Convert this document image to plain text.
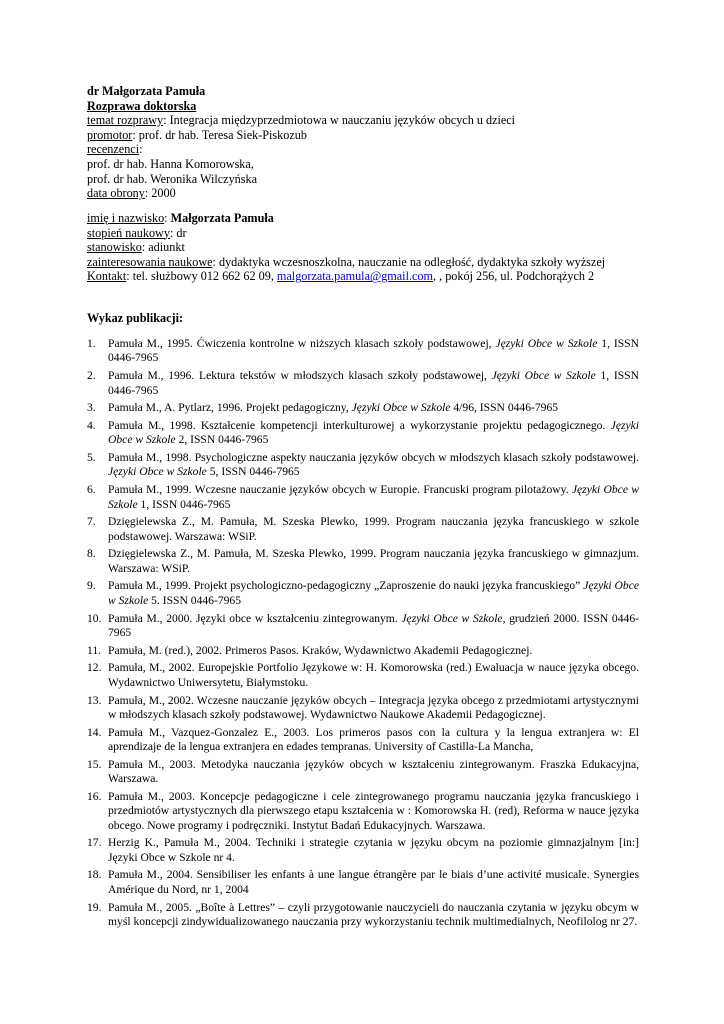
dr Małgorzata Pamuła
Rozprawa doktorska
temat rozprawy: Integracja międzyprzedmiotowa w nauczaniu języków obcych u dzieci
promotor: prof. dr hab. Teresa Siek-Piskozub
recenzenci:
prof. dr hab. Hanna Komorowska,
prof. dr hab. Weronika Wilczyńska
data obrony: 2000
imię i nazwisko: Małgorzata Pamuła
stopień naukowy: dr
stanowisko: adiunkt
zainteresowania naukowe: dydaktyka wczesnoszkolna, nauczanie na odległość, dydaktyka szkoły wyższej
Kontakt: tel. służbowy 012 662 62 09, malgorzata.pamula@gmail.com, , pokój 256, ul. Podchorążych 2
Wykaz publikacji:
1. Pamuła M., 1995. Ćwiczenia kontrolne w niższych klasach szkoły podstawowej, Języki Obce w Szkole 1, ISSN 0446-7965
2. Pamuła M., 1996. Lektura tekstów w młodszych klasach szkoły podstawowej, Języki Obce w Szkole 1, ISSN 0446-7965
3. Pamuła M., A. Pytlarz, 1996. Projekt pedagogiczny, Języki Obce w Szkole 4/96, ISSN 0446-7965
4. Pamuła M., 1998. Kształcenie kompetencji interkulturowej a wykorzystanie projektu pedagogicznego. Języki Obce w Szkole 2, ISSN 0446-7965
5. Pamuła M., 1998. Psychologiczne aspekty nauczania języków obcych w młodszych klasach szkoły podstawowej. Języki Obce w Szkole 5, ISSN 0446-7965
6. Pamuła M., 1999. Wczesne nauczanie języków obcych w Europie. Francuski program pilotażowy. Języki Obce w Szkole 1, ISSN 0446-7965
7. Dzięgielewska Z., M. Pamuła, M. Szeska Plewko, 1999. Program nauczania języka francuskiego w szkole podstawowej. Warszawa: WSiP.
8. Dzięgielewska Z., M. Pamuła, M. Szeska Plewko, 1999. Program nauczania języka francuskiego w gimnazjum. Warszawa: WSiP.
9. Pamuła M., 1999. Projekt psychologiczno-pedagogiczny „Zaproszenie do nauki języka francuskiego” Języki Obce w Szkole 5. ISSN 0446-7965
10. Pamuła M., 2000. Języki obce w kształceniu zintegrowanym. Języki Obce w Szkole, grudzień 2000. ISSN 0446-7965
11. Pamuła, M. (red.), 2002. Primeros Pasos. Kraków, Wydawnictwo Akademii Pedagogicznej.
12. Pamuła, M., 2002. Europejskie Portfolio Językowe w: H. Komorowska (red.) Ewaluacja w nauce języka obcego. Wydawnictwo Uniwersytetu, Białymstoku.
13. Pamuła, M., 2002. Wczesne nauczanie języków obcych – Integracja języka obcego z przedmiotami artystycznymi w młodszych klasach szkoły podstawowej. Wydawnictwo Naukowe Akademii Pedagogicznej.
14. Pamuła M., Vazquez-Gonzalez E., 2003. Los primeros pasos con la cultura y la lengua extranjera w: El aprendizaje de la lengua extranjera en edades tempranas. University of Castilla-La Mancha,
15. Pamuła M., 2003. Metodyka nauczania języków obcych w kształceniu zintegrowanym. Fraszka Edukacyjna, Warszawa.
16. Pamuła M., 2003. Koncepcje pedagogiczne i cele zintegrowanego programu nauczania języka francuskiego i przedmiotów artystycznych dla pierwszego etapu kształcenia w : Komorowska H. (red), Reforma w nauce języka obcego. Nowe programy i podręczniki. Instytut Badań Edukacyjnych. Warszawa.
17. Herzig K., Pamuła M., 2004. Techniki i strategie czytania w języku obcym na poziomie gimnazjalnym [in:] Języki Obce w Szkole nr 4.
18. Pamuła M., 2004. Sensibiliser les enfants à une langue étrangère par le biais d’une activité musicale. Synergies Amérique du Nord, nr 1, 2004
19. Pamuła M., 2005. „Boîte à Lettres” – czyli przygotowanie nauczycieli do nauczania czytania w języku obcym w myśl koncepcji zindywidualizowanego nauczania przy wykorzystaniu technik multimedialnych, Neofilolog nr 27.
